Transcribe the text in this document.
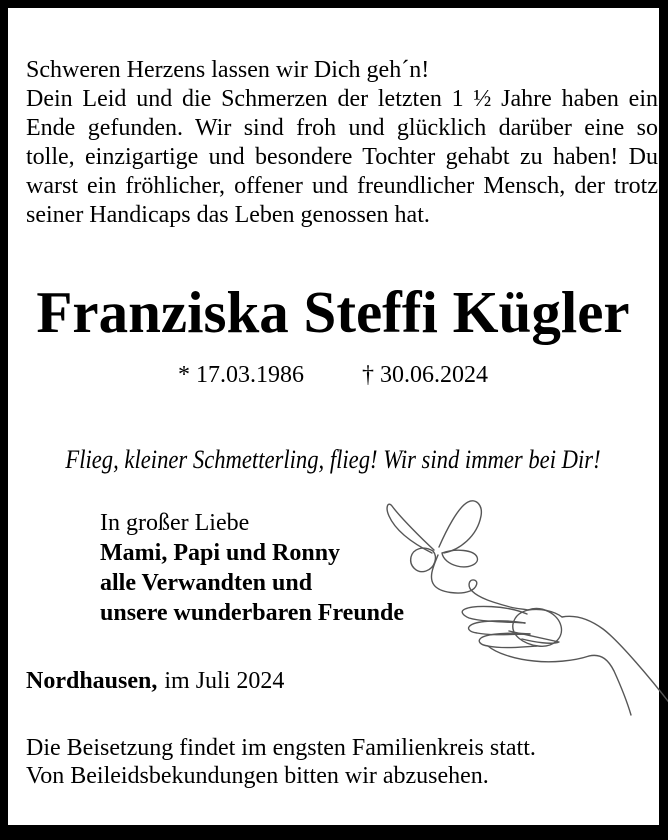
Schweren Herzens lassen wir Dich geh´n!
Dein Leid und die Schmerzen der letzten 1 ½ Jahre haben ein
Ende gefunden. Wir sind froh und glücklich darüber eine so
tolle, einzigartige und besondere Tochter gehabt zu haben! Du
warst ein fröhlicher, offener und freundlicher Mensch, der trotz
seiner Handicaps das Leben genossen hat.
Franziska Steffi Kügler
* 17.03.1986 † 30.06.2024
Flieg, kleiner Schmetterling, flieg! Wir sind immer bei Dir!
In großer Liebe
Mami, Papi und Ronny
alle Verwandten und
unsere wunderbaren Freunde
Nordhausen, im Juli 2024
Die Beisetzung findet im engsten Familienkreis statt.
Von Beileidsbekundungen bitten wir abzusehen.
